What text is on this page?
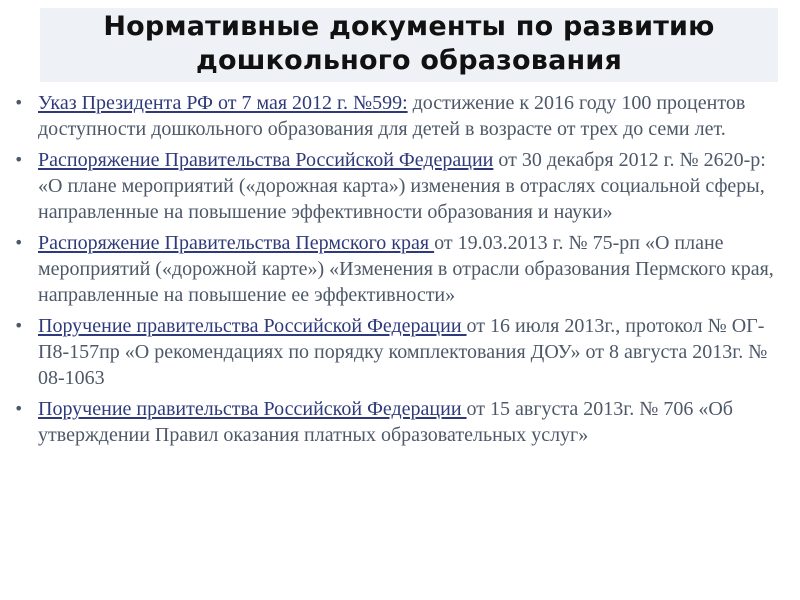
Нормативные документы по развитию
дошкольного образования
• Указ Президента РФ от 7 мая 2012 г. №599: достижение к 2016 году 100 процентов доступности дошкольного образования для детей в возрасте от трех до семи лет.
• Распоряжение Правительства Российской Федерации от 30 декабря 2012 г. № 2620-р: «О плане мероприятий («дорожная карта») изменения в отраслях социальной сферы, направленные на повышение эффективности образования и науки»
• Распоряжение Правительства Пермского края от 19.03.2013 г. № 75-рп «О плане мероприятий («дорожной карте») «Изменения в отрасли образования Пермского края, направленные на повышение ее эффективности»
• Поручение правительства Российской Федерации от 16 июля 2013г., протокол № ОГ-П8-157пр «О рекомендациях по порядку комплектования ДОУ» от 8 августа 2013г. № 08-1063
• Поручение правительства Российской Федерации от 15 августа 2013г. № 706 «Об утверждении Правил оказания платных образовательных услуг»
